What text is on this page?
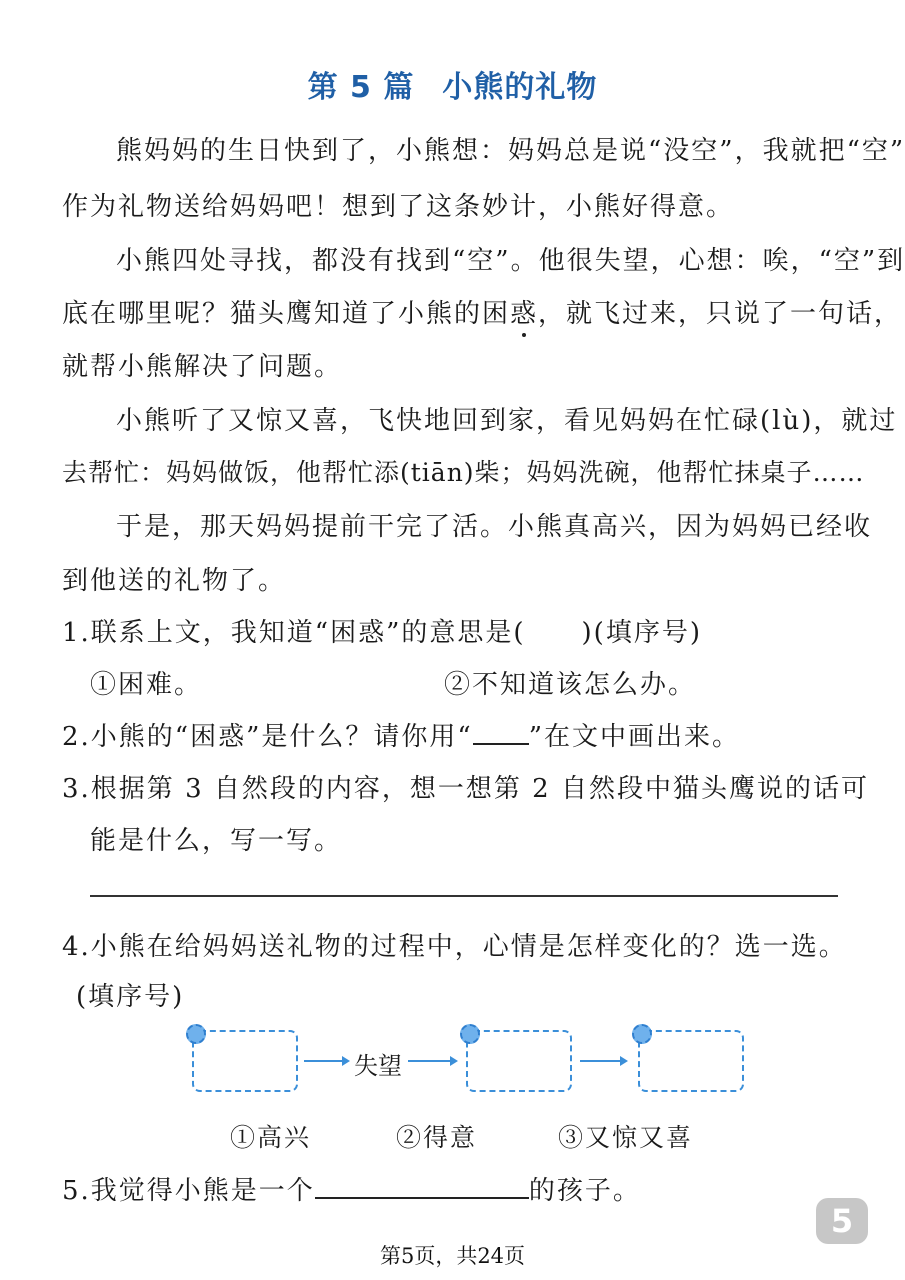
第 5 篇 小熊的礼物
熊妈妈的生日快到了，小熊想：妈妈总是说“没空”，我就把“空”
作为礼物送给妈妈吧！想到了这条妙计，小熊好得意。
小熊四处寻找，都没有找到“空”。他很失望，心想：唉，“空”到
底在哪里呢？猫头鹰知道了小熊的困惑，就飞过来，只说了一句话，
就帮小熊解决了问题。
小熊听了又惊又喜，飞快地回到家，看见妈妈在忙碌(lù)，就过
去帮忙：妈妈做饭，他帮忙添(tiān)柴；妈妈洗碗，他帮忙抹桌子……
于是，那天妈妈提前干完了活。小熊真高兴，因为妈妈已经收
到他送的礼物了。
1.联系上文，我知道“困惑”的意思是(　　)(填序号)
①困难。	②不知道该怎么办。
2.小熊的“困惑”是什么？请你用“ ”在文中画出来。
3.根据第 3 自然段的内容，想一想第 2 自然段中猫头鹰说的话可
能是什么，写一写。
4.小熊在给妈妈送礼物的过程中，心情是怎样变化的？选一选。
(填序号)
失望
①高兴	②得意	③又惊又喜
5.我觉得小熊是一个	的孩子。
5
第5页，共24页
